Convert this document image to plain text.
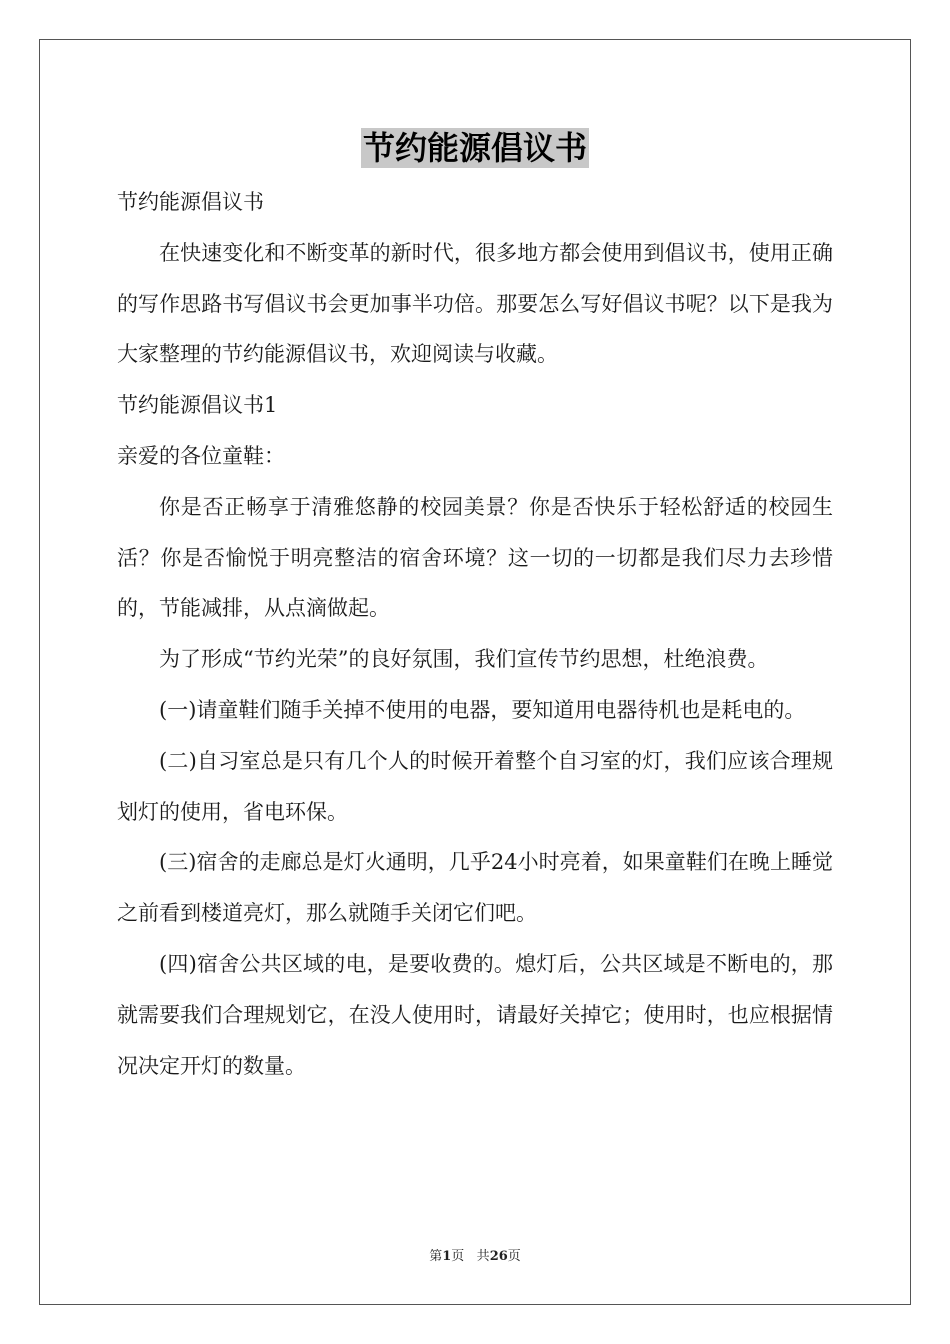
节约能源倡议书

节约能源倡议书

在快速变化和不断变革的新时代，很多地方都会使用到倡议书，使用正确的写作思路书写倡议书会更加事半功倍。那要怎么写好倡议书呢？以下是我为大家整理的节约能源倡议书，欢迎阅读与收藏。

节约能源倡议书1

亲爱的各位童鞋：

你是否正畅享于清雅悠静的校园美景？你是否快乐于轻松舒适的校园生活？你是否愉悦于明亮整洁的宿舍环境？这一切的一切都是我们尽力去珍惜的，节能减排，从点滴做起。

为了形成“节约光荣”的良好氛围，我们宣传节约思想，杜绝浪费。

(一)请童鞋们随手关掉不使用的电器，要知道用电器待机也是耗电的。

(二)自习室总是只有几个人的时候开着整个自习室的灯，我们应该合理规划灯的使用，省电环保。

(三)宿舍的走廊总是灯火通明，几乎24小时亮着，如果童鞋们在晚上睡觉之前看到楼道亮灯，那么就随手关闭它们吧。

(四)宿舍公共区域的电，是要收费的。熄灯后，公共区域是不断电的，那就需要我们合理规划它，在没人使用时，请最好关掉它；使用时，也应根据情况决定开灯的数量。

第1页 共26页
